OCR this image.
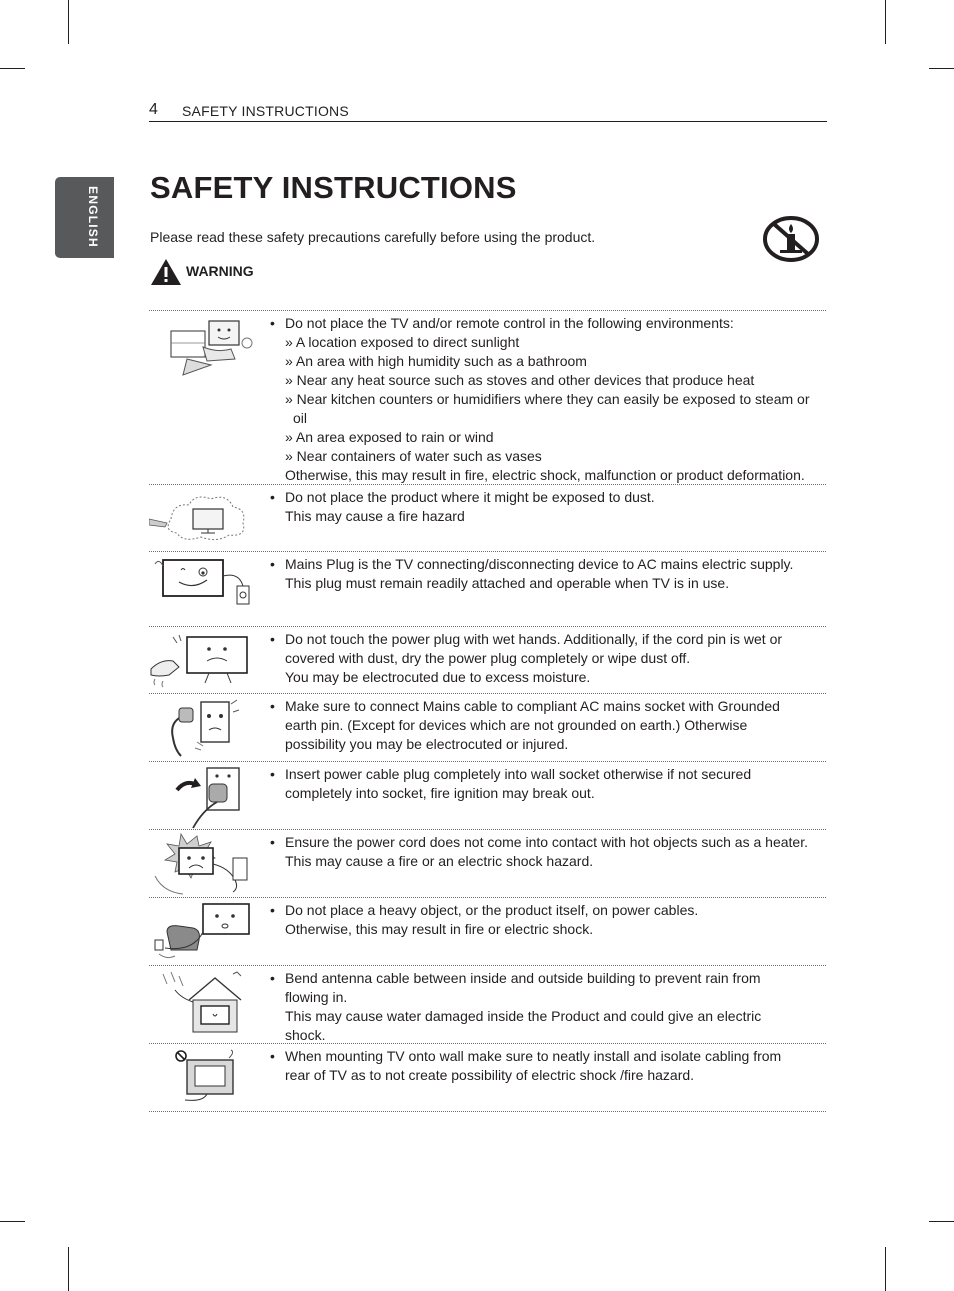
4 SAFETY INSTRUCTIONS
ENGLISH SAFETY INSTRUCTIONS
Please read these safety precautions carefully before using the product.
WARNING
• Do not place the TV and/or remote control in the following environments:
» A location exposed to direct sunlight
» An area with high humidity such as a bathroom
» Near any heat source such as stoves and other devices that produce heat
» Near kitchen counters or humidifiers where they can easily be exposed to steam or
oil
» An area exposed to rain or wind
» Near containers of water such as vases
Otherwise, this may result in fire, electric shock, malfunction or product deformation.
• Do not place the product where it might be exposed to dust.
This may cause a fire hazard
• Mains Plug is the TV connecting/disconnecting device to AC mains electric supply.
This plug must remain readily attached and operable when TV is in use.
• Do not touch the power plug with wet hands. Additionally, if the cord pin is wet or
covered with dust, dry the power plug completely or wipe dust off.
You may be electrocuted due to excess moisture.
• Make sure to connect Mains cable to compliant AC mains socket with Grounded
earth pin. (Except for devices which are not grounded on earth.) Otherwise
possibility you may be electrocuted or injured.
• Insert power cable plug completely into wall socket otherwise if not secured
completely into socket, fire ignition may break out.
• Ensure the power cord does not come into contact with hot objects such as a heater.
This may cause a fire or an electric shock hazard.
• Do not place a heavy object, or the product itself, on power cables.
Otherwise, this may result in fire or electric shock.
• Bend antenna cable between inside and outside building to prevent rain from
flowing in.
This may cause water damaged inside the Product and could give an electric
shock.
• When mounting TV onto wall make sure to neatly install and isolate cabling from
rear of TV as to not create possibility of electric shock /fire hazard.
